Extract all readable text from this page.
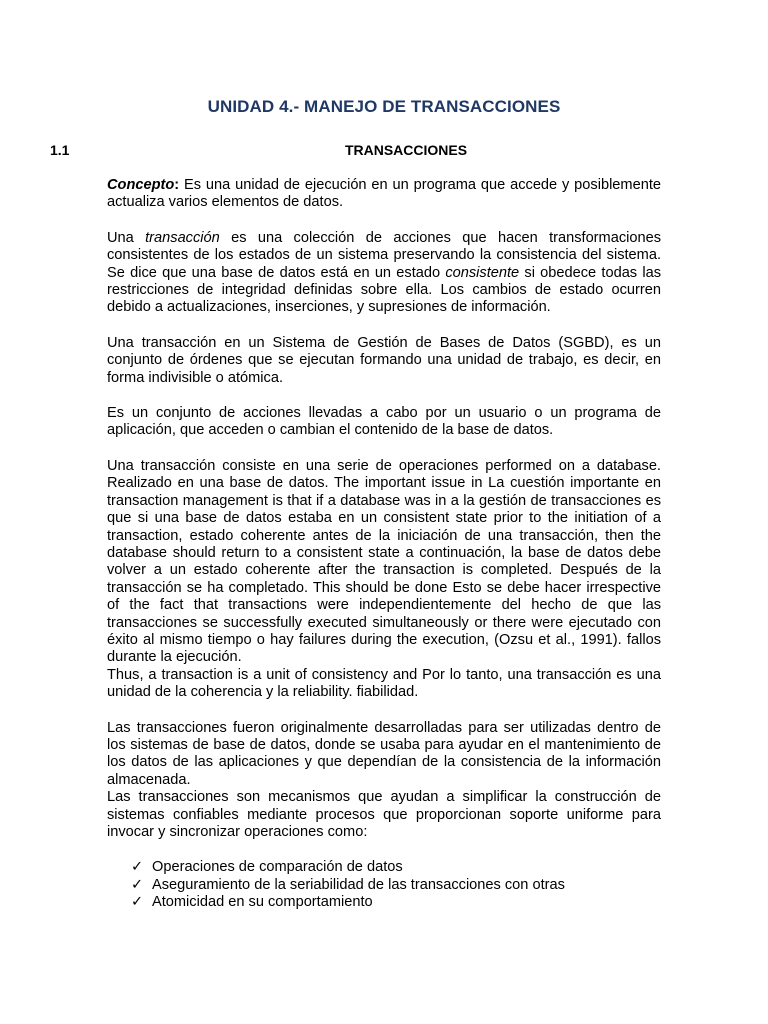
UNIDAD 4.- MANEJO DE TRANSACCIONES
1.1	TRANSACCIONES

Concepto: Es una unidad de ejecución en un programa que accede y posiblemente actualiza varios elementos de datos.

Una transacción es una colección de acciones que hacen transformaciones consistentes de los estados de un sistema preservando la consistencia del sistema. Se dice que una base de datos está en un estado consistente si obedece todas las restricciones de integridad definidas sobre ella. Los cambios de estado ocurren debido a actualizaciones, inserciones, y supresiones de información.

Una transacción en un Sistema de Gestión de Bases de Datos (SGBD), es un conjunto de órdenes que se ejecutan formando una unidad de trabajo, es decir, en forma indivisible o atómica.

Es un conjunto de acciones llevadas a cabo por un usuario o un programa de aplicación, que acceden o cambian el contenido de la base de datos.

Una transacción consiste en una serie de operaciones performed on a database. Realizado en una base de datos. The important issue in La cuestión importante en transaction management is that if a database was in a la gestión de transacciones es que si una base de datos estaba en un consistent state prior to the initiation of a transaction, estado coherente antes de la iniciación de una transacción, then the database should return to a consistent state a continuación, la base de datos debe volver a un estado coherente after the transaction is completed. Después de la transacción se ha completado. This should be done Esto se debe hacer irrespective of the fact that transactions were independientemente del hecho de que las transacciones se successfully executed simultaneously or there were ejecutado con éxito al mismo tiempo o hay failures during the execution, (Ozsu et al., 1991). fallos durante la ejecución.

Thus, a transaction is a unit of consistency and Por lo tanto, una transacción es una unidad de la coherencia y la reliability. fiabilidad.

Las transacciones fueron originalmente desarrolladas para ser utilizadas dentro de los sistemas de base de datos, donde se usaba para ayudar en el mantenimiento de los datos de las aplicaciones y que dependían de la consistencia de la información almacenada.

Las transacciones son mecanismos que ayudan a simplificar la construcción de sistemas confiables mediante procesos que proporcionan soporte uniforme para invocar y sincronizar operaciones como:

✓ Operaciones de comparación de datos
✓ Aseguramiento de la seriabilidad de las transacciones con otras
✓ Atomicidad en su comportamiento
